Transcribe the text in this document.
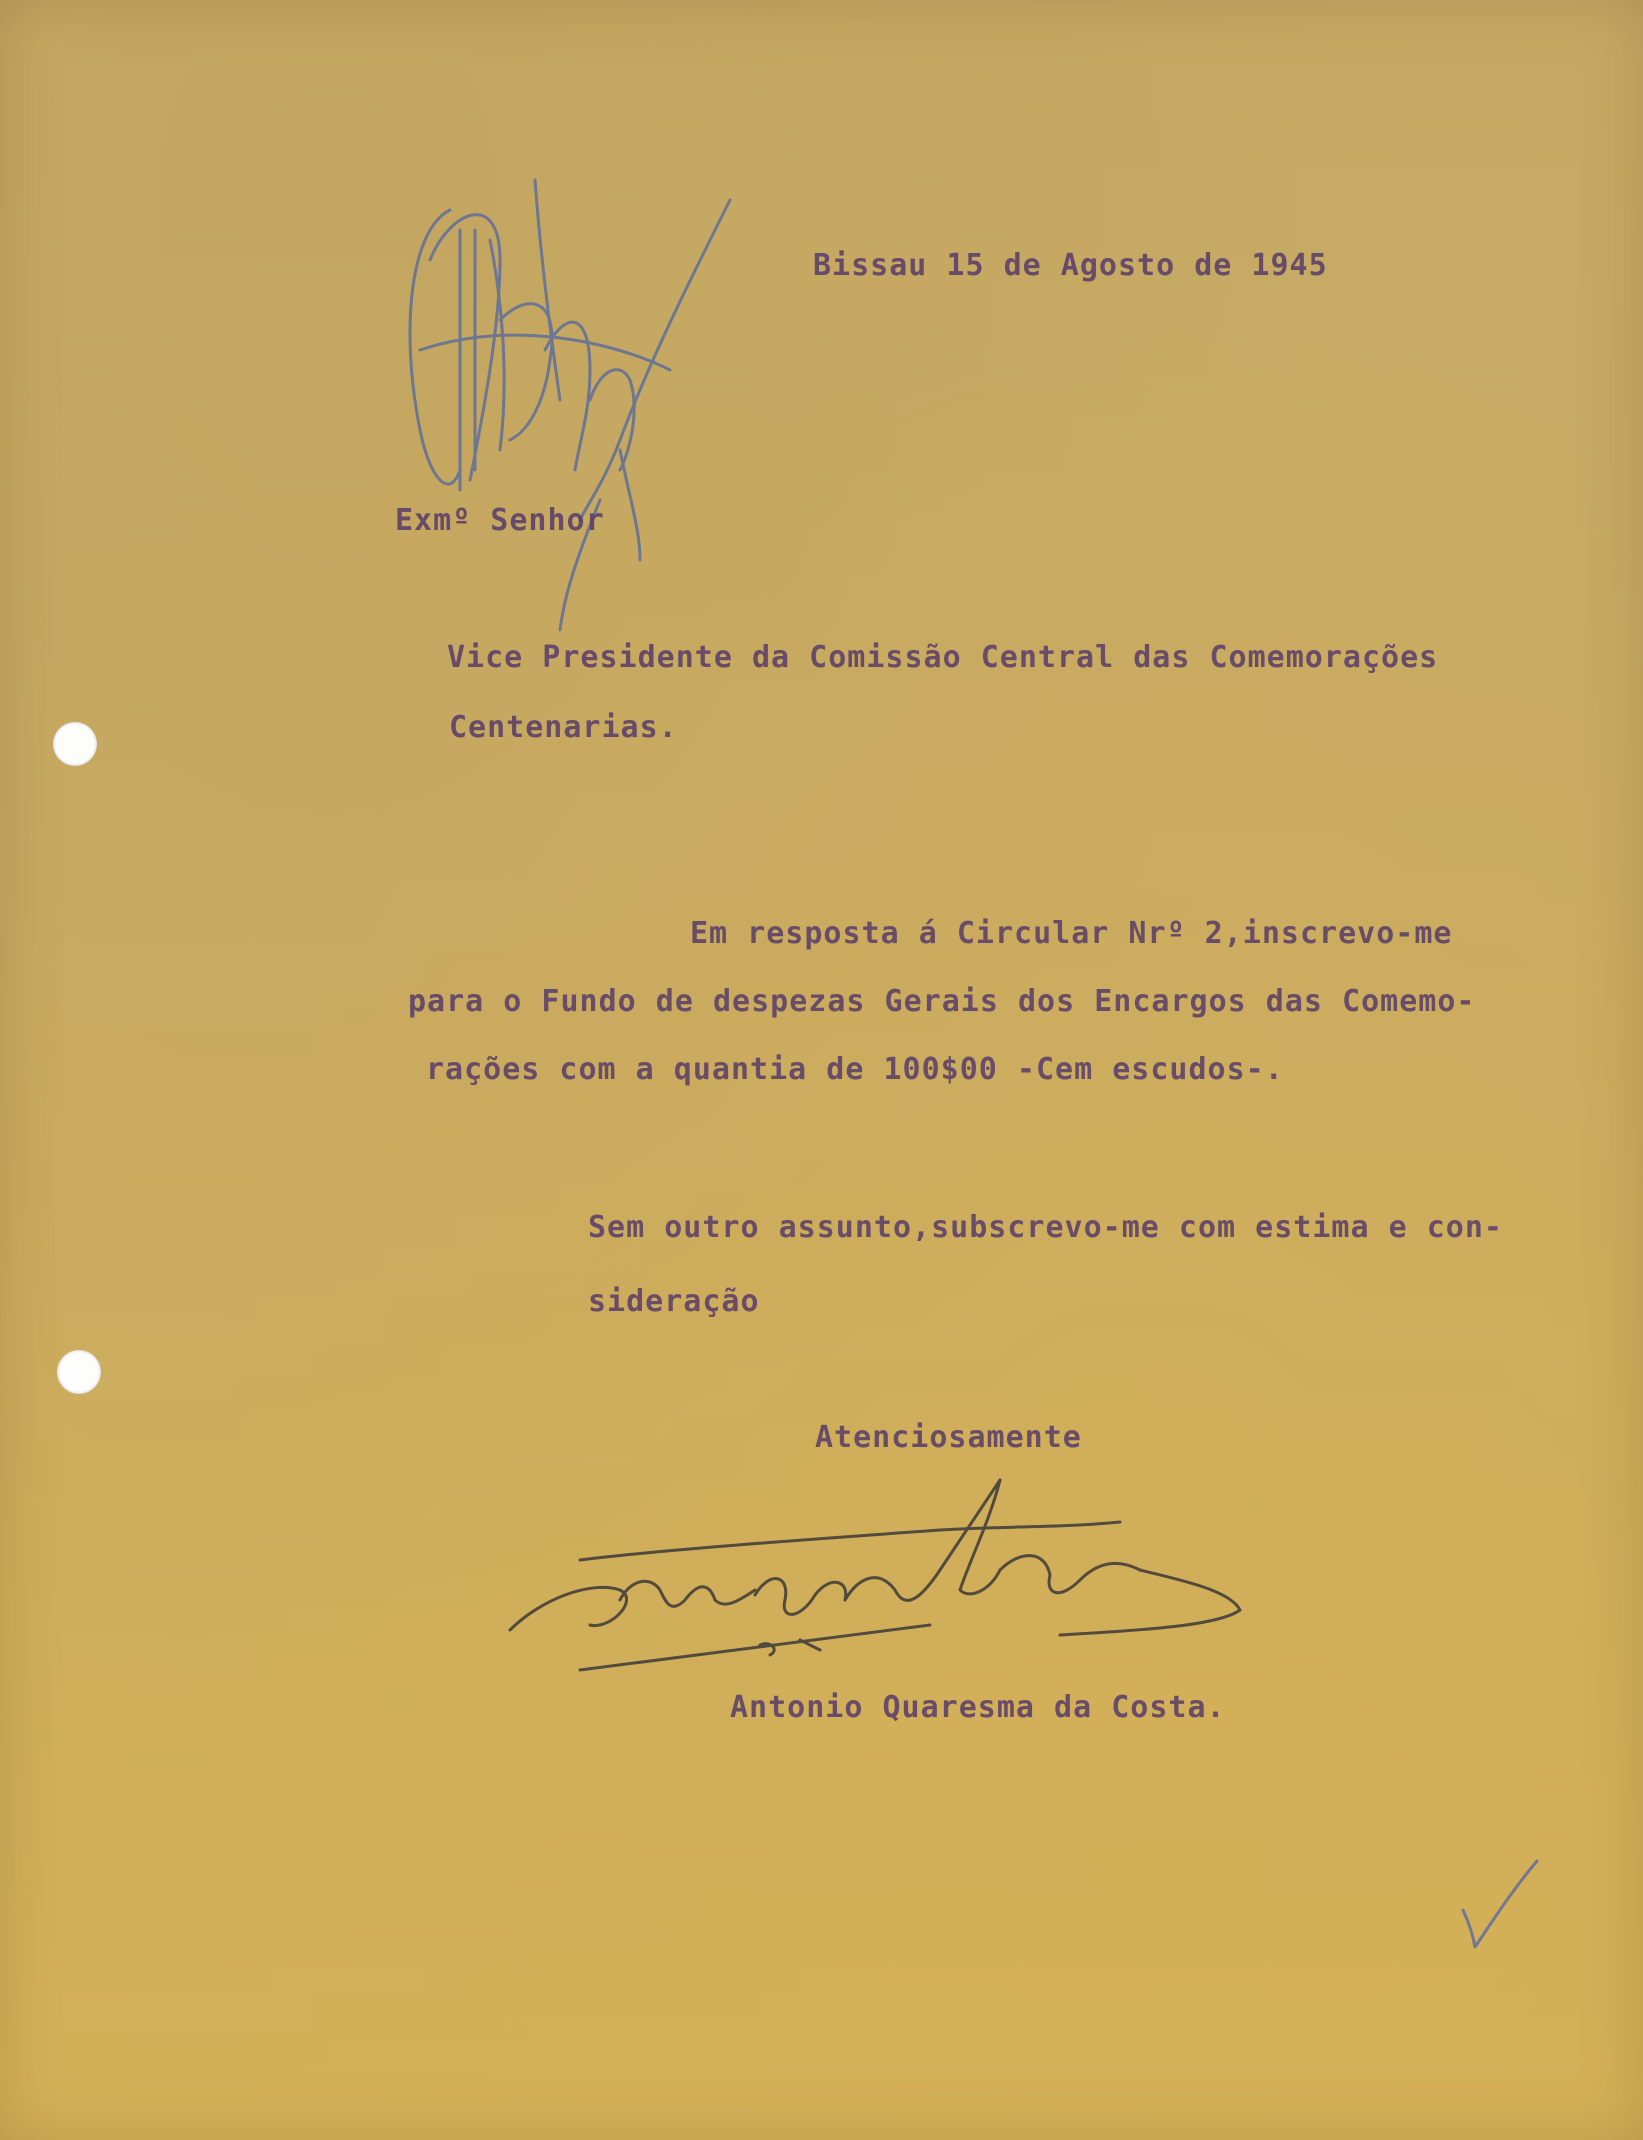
Bissau 15 de Agosto de 1945
Exmº Senhor
Vice Presidente da Comissão Central das Comemorações
Centenarias.
Em resposta á Circular Nrº 2,inscrevo-me
para o Fundo de despezas Gerais dos Encargos das Comemo-
rações com a quantia de 100$00 -Cem escudos-.
Sem outro assunto,subscrevo-me com estima e con-
sideração
Atenciosamente
Antonio Quaresma da Costa.
